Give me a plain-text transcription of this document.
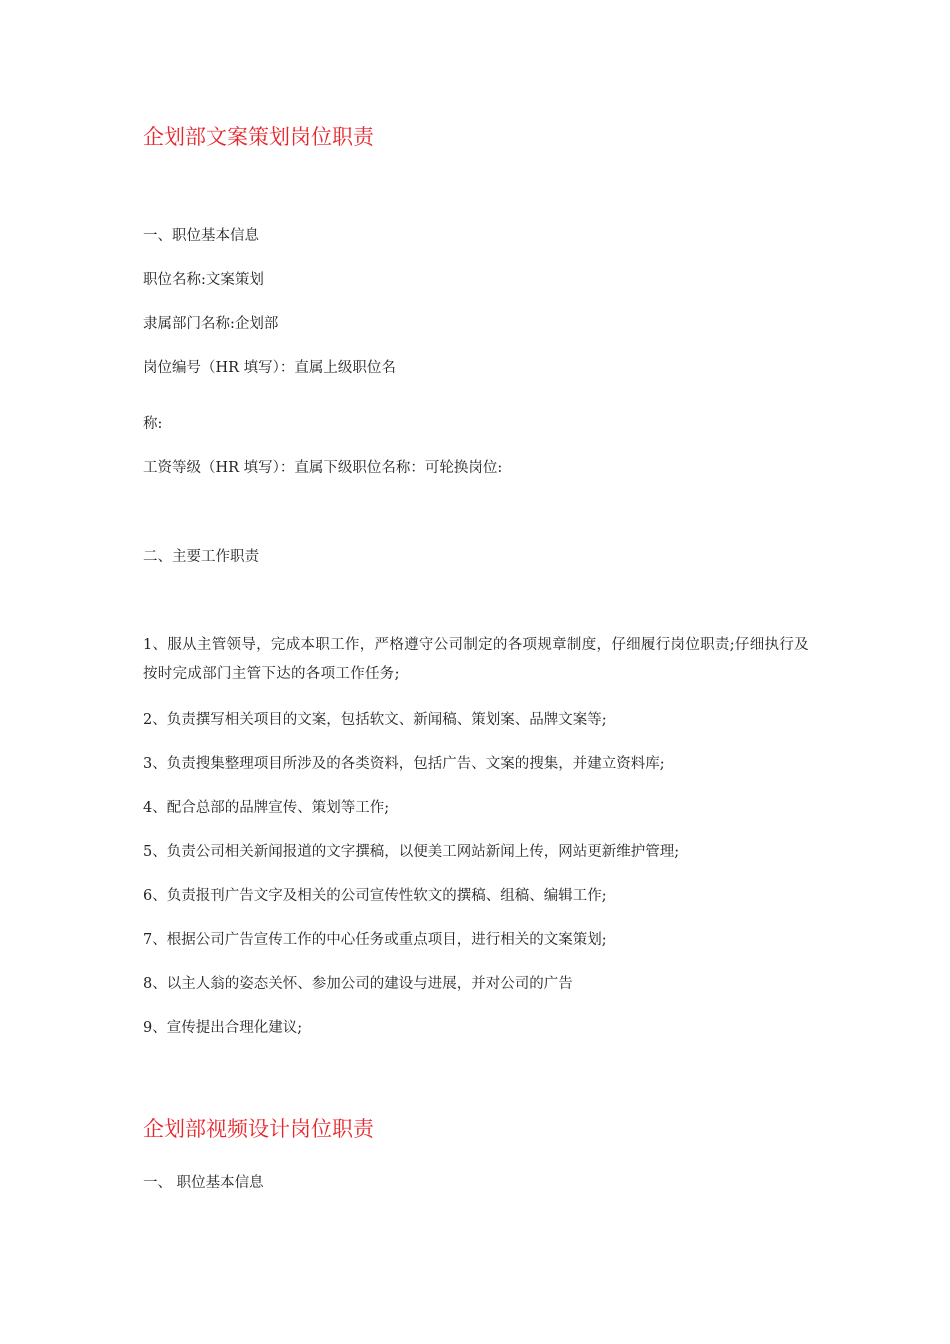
企划部文案策划岗位职责
一、职位基本信息
职位名称:文案策划
隶属部门名称:企划部
岗位编号（HR 填写）：直属上级职位名
称:
工资等级（HR 填写）：直属下级职位名称：可轮换岗位:
二、主要工作职责
1、服从主管领导，完成本职工作，严格遵守公司制定的各项规章制度，仔细履行岗位职责;仔细执行及按时完成部门主管下达的各项工作任务;
2、负责撰写相关项目的文案，包括软文、新闻稿、策划案、品牌文案等;
3、负责搜集整理项目所涉及的各类资料，包括广告、文案的搜集，并建立资料库;
4、配合总部的品牌宣传、策划等工作;
5、负责公司相关新闻报道的文字撰稿，以便美工网站新闻上传，网站更新维护管理;
6、负责报刊广告文字及相关的公司宣传性软文的撰稿、组稿、编辑工作;
7、根据公司广告宣传工作的中心任务或重点项目，进行相关的文案策划;
8、以主人翁的姿态关怀、参加公司的建设与进展，并对公司的广告
9、宣传提出合理化建议;
企划部视频设计岗位职责
一、 职位基本信息
